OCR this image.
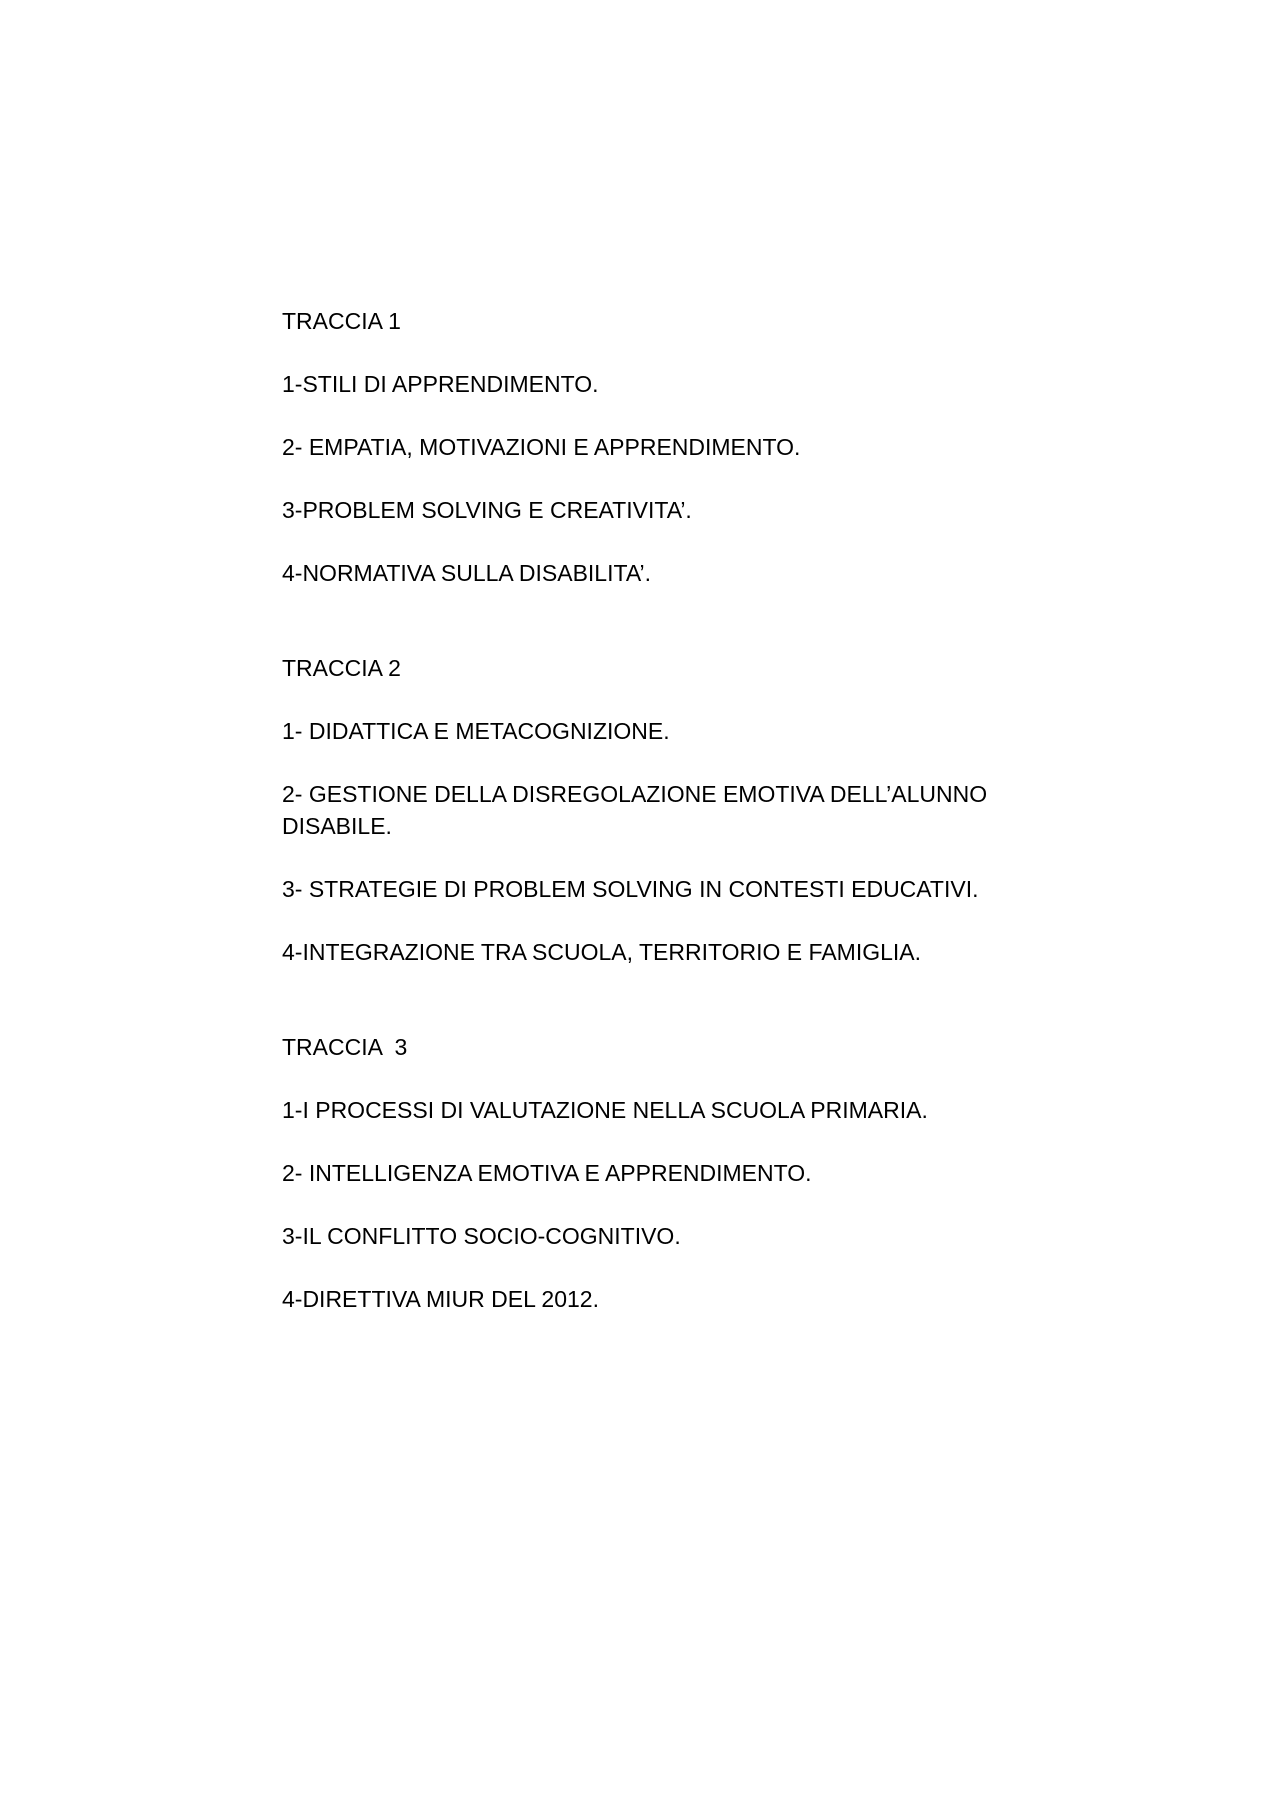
TRACCIA 1
1-STILI DI APPRENDIMENTO.
2- EMPATIA, MOTIVAZIONI E APPRENDIMENTO.
3-PROBLEM SOLVING E CREATIVITA’.
4-NORMATIVA SULLA DISABILITA’.
TRACCIA 2
1- DIDATTICA E METACOGNIZIONE.
2- GESTIONE DELLA DISREGOLAZIONE EMOTIVA DELL’ALUNNO DISABILE.
3- STRATEGIE DI PROBLEM SOLVING IN CONTESTI EDUCATIVI.
4-INTEGRAZIONE TRA SCUOLA, TERRITORIO E FAMIGLIA.
TRACCIA  3
1-I PROCESSI DI VALUTAZIONE NELLA SCUOLA PRIMARIA.
2- INTELLIGENZA EMOTIVA E APPRENDIMENTO.
3-IL CONFLITTO SOCIO-COGNITIVO.
4-DIRETTIVA MIUR DEL 2012.
